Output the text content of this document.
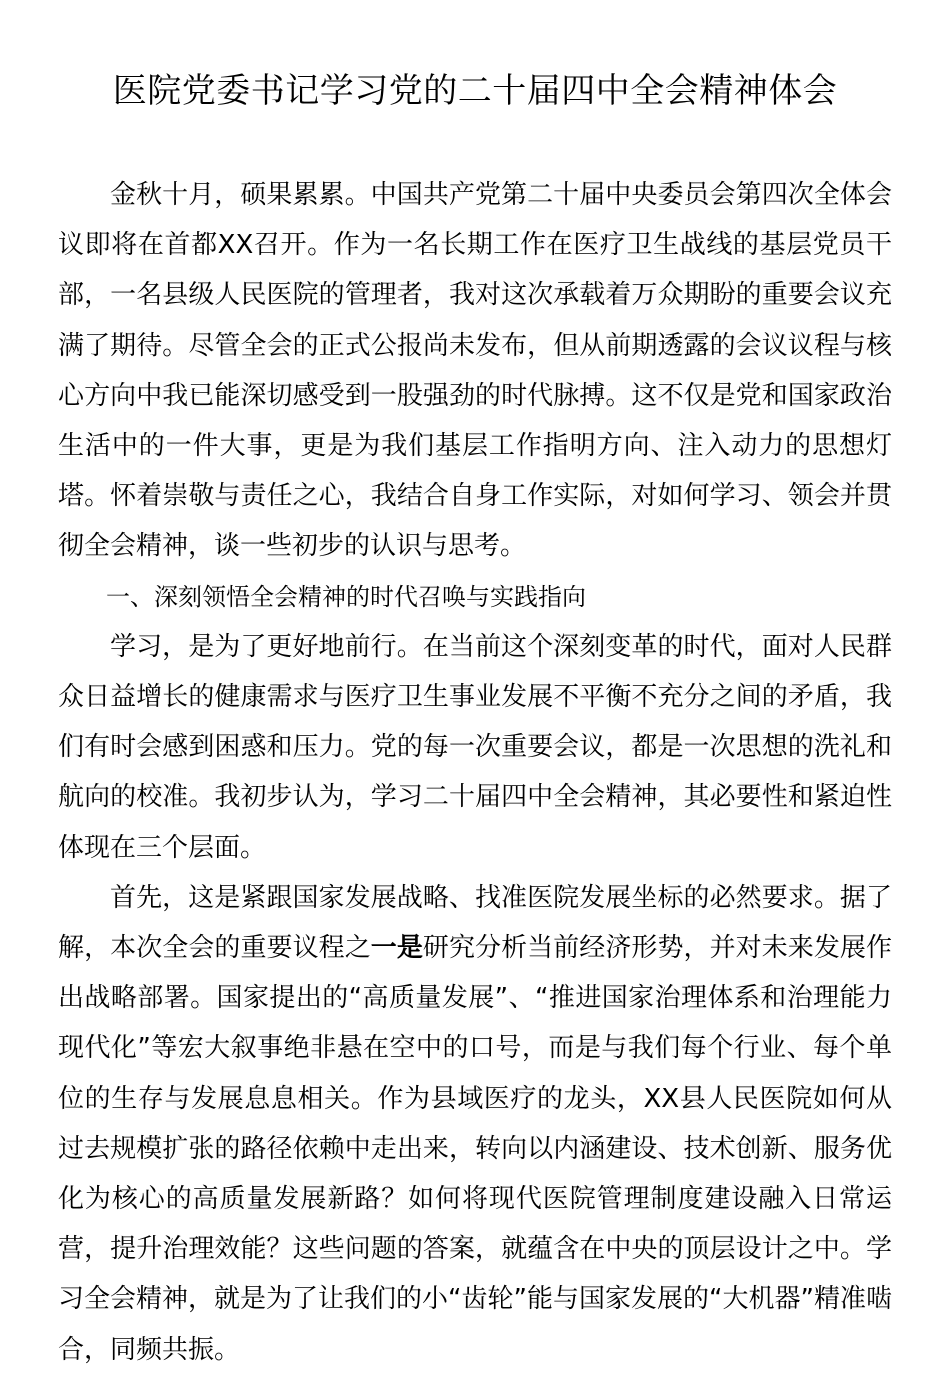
医院党委书记学习党的二十届四中全会精神体会

金秋十月，硕果累累。中国共产党第二十届中央委员会第四次全体会议即将在首都XX召开。作为一名长期工作在医疗卫生战线的基层党员干部，一名县级人民医院的管理者，我对这次承载着万众期盼的重要会议充满了期待。尽管全会的正式公报尚未发布，但从前期透露的会议议程与核心方向中我已能深切感受到一股强劲的时代脉搏。这不仅是党和国家政治生活中的一件大事，更是为我们基层工作指明方向、注入动力的思想灯塔。怀着崇敬与责任之心，我结合自身工作实际，对如何学习、领会并贯彻全会精神，谈一些初步的认识与思考。

一、深刻领悟全会精神的时代召唤与实践指向

学习，是为了更好地前行。在当前这个深刻变革的时代，面对人民群众日益增长的健康需求与医疗卫生事业发展不平衡不充分之间的矛盾，我们有时会感到困惑和压力。党的每一次重要会议，都是一次思想的洗礼和航向的校准。我初步认为，学习二十届四中全会精神，其必要性和紧迫性体现在三个层面。

首先，这是紧跟国家发展战略、找准医院发展坐标的必然要求。据了解，本次全会的重要议程之一是研究分析当前经济形势，并对未来发展作出战略部署。国家提出的“高质量发展”、“推进国家治理体系和治理能力现代化”等宏大叙事绝非悬在空中的口号，而是与我们每个行业、每个单位的生存与发展息息相关。作为县域医疗的龙头，XX县人民医院如何从过去规模扩张的路径依赖中走出来，转向以内涵建设、技术创新、服务优化为核心的高质量发展新路？如何将现代医院管理制度建设融入日常运营，提升治理效能？这些问题的答案，就蕴含在中央的顶层设计之中。学习全会精神，就是为了让我们的小“齿轮”能与国家发展的“大机器”精准啮合，同频共振。
